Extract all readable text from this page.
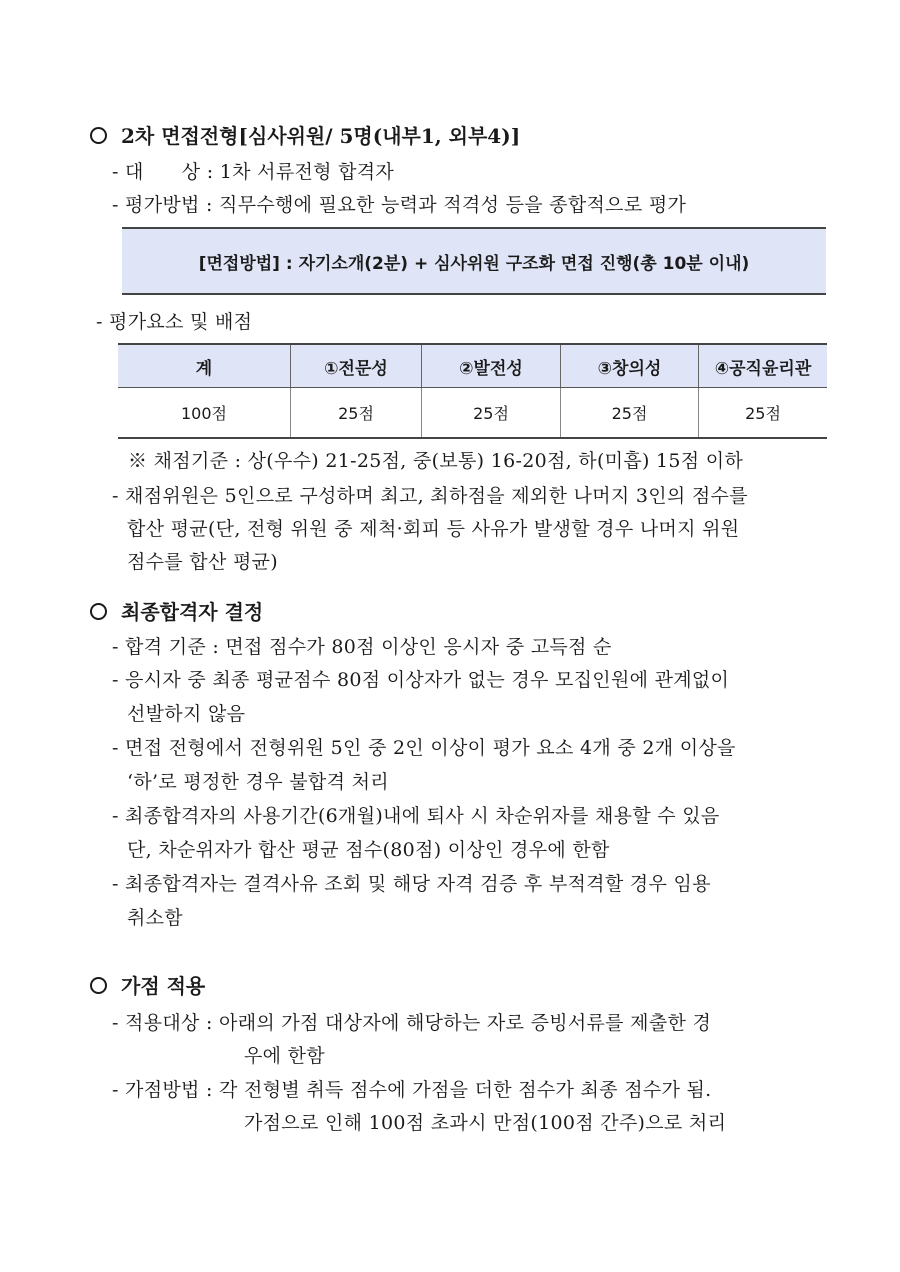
2차 면접전형[심사위원/ 5명(내부1, 외부4)]
- 대      상 : 1차 서류전형 합격자
- 평가방법 : 직무수행에 필요한 능력과 적격성 등을 종합적으로 평가
[면접방법] : 자기소개(2분) + 심사위원 구조화 면접 진행(총 10분 이내)
- 평가요소 및 배점
계	①전문성	②발전성	③창의성	④공직윤리관
100점	25점	25점	25점	25점
※ 채점기준 : 상(우수) 21-25점, 중(보통) 16-20점, 하(미흡) 15점 이하
- 채점위원은 5인으로 구성하며 최고, 최하점을 제외한 나머지 3인의 점수를
합산 평균(단, 전형 위원 중 제척·회피 등 사유가 발생할 경우 나머지 위원
점수를 합산 평균)
최종합격자 결정
- 합격 기준 : 면접 점수가 80점 이상인 응시자 중 고득점 순
- 응시자 중 최종 평균점수 80점 이상자가 없는 경우 모집인원에 관계없이
선발하지 않음
- 면접 전형에서 전형위원 5인 중 2인 이상이 평가 요소 4개 중 2개 이상을
‘하’로 평정한 경우 불합격 처리
- 최종합격자의 사용기간(6개월)내에 퇴사 시 차순위자를 채용할 수 있음
단, 차순위자가 합산 평균 점수(80점) 이상인 경우에 한함
- 최종합격자는 결격사유 조회 및 해당 자격 검증 후 부적격할 경우 임용
취소함
가점 적용
- 적용대상 : 아래의 가점 대상자에 해당하는 자로 증빙서류를 제출한 경
우에 한함
- 가점방법 : 각 전형별 취득 점수에 가점을 더한 점수가 최종 점수가 됨.
가점으로 인해 100점 초과시 만점(100점 간주)으로 처리
